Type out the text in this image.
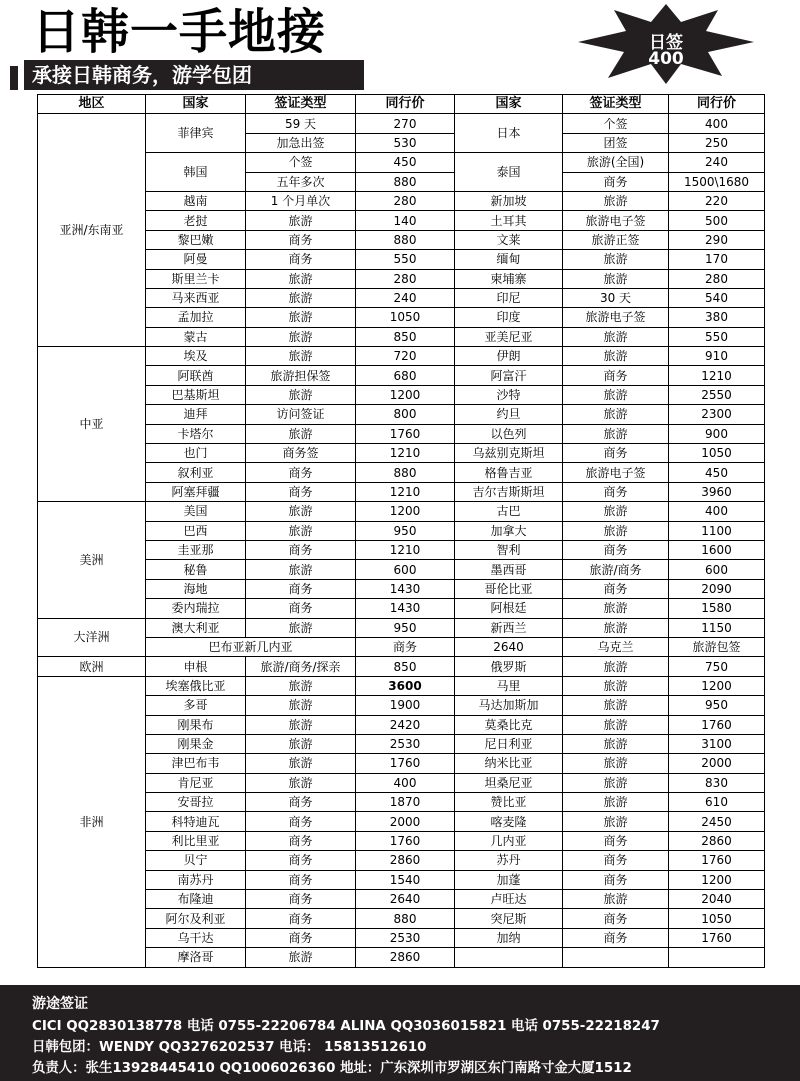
日韩一手地接
承接日韩商务，游学包团
日签
400
地区	国家	签证类型	同行价	国家	签证类型	同行价	
亚洲/东南亚	菲律宾	59 天	270	日本	个签	400	
		加急出签	530		团签	250	
	韩国	个签	450	泰国	旅游(全国)	240	
		五年多次	880		商务	1500\1680	
	越南	1 个月单次	280	新加坡	旅游	220	
	老挝	旅游	140	土耳其	旅游电子签	500	
	黎巴嫩	商务	880	文莱	旅游正签	290	
	阿曼	商务	550	缅甸	旅游	170	
	斯里兰卡	旅游	280	柬埔寨	旅游	280	
	马来西亚	旅游	240	印尼	30 天	540	
	孟加拉	旅游	1050	印度	旅游电子签	380	
	蒙古	旅游	850	亚美尼亚	旅游	550	
中亚	埃及	旅游	720	伊朗	旅游	910	
	阿联酋	旅游担保签	680	阿富汗	商务	1210	
	巴基斯坦	旅游	1200	沙特	旅游	2550	
	迪拜	访问签证	800	约旦	旅游	2300	
	卡塔尔	旅游	1760	以色列	旅游	900	
	也门	商务签	1210	乌兹别克斯坦	商务	1050	
	叙利亚	商务	880	格鲁吉亚	旅游电子签	450	
	阿塞拜疆	商务	1210	吉尔吉斯斯坦	商务	3960	
美洲	美国	旅游	1200	古巴	旅游	400	
	巴西	旅游	950	加拿大	旅游	1100	
	圭亚那	商务	1210	智利	商务	1600	
	秘鲁	旅游	600	墨西哥	旅游/商务	600	
	海地	商务	1430	哥伦比亚	商务	2090	
	委内瑞拉	商务	1430	阿根廷	旅游	1580	
大洋洲	澳大利亚	旅游	950	新西兰	旅游	1150	
	巴布亚新几内亚		商务	2640	乌克兰	旅游包签	
欧洲	申根	旅游/商务/探亲	850	俄罗斯	旅游	750	
非洲	埃塞俄比亚	旅游	3600	马里	旅游	1200	
	多哥	旅游	1900	马达加斯加	旅游	950	
	刚果布	旅游	2420	莫桑比克	旅游	1760	
	刚果金	旅游	2530	尼日利亚	旅游	3100	
	津巴布韦	旅游	1760	纳米比亚	旅游	2000	
	肯尼亚	旅游	400	坦桑尼亚	旅游	830	
	安哥拉	商务	1870	赞比亚	旅游	610	
	科特迪瓦	商务	2000	喀麦隆	旅游	2450	
	利比里亚	商务	1760	几内亚	商务	2860	
	贝宁	商务	2860	苏丹	商务	1760	
	南苏丹	商务	1540	加蓬	商务	1200	
	布隆迪	商务	2640	卢旺达	旅游	2040	
	阿尔及利亚	商务	880	突尼斯	商务	1050	
	乌干达	商务	2530	加纳	商务	1760	
	摩洛哥	旅游	2860				
游途签证
CICI QQ2830138778 电话 0755-22206784 ALINA QQ3036015821 电话 0755-22218247
日韩包团：WENDY QQ3276202537 电话： 15813512610
负责人：张生13928445410 QQ1006026360 地址：广东深圳市罗湖区东门南路寸金大厦1512
